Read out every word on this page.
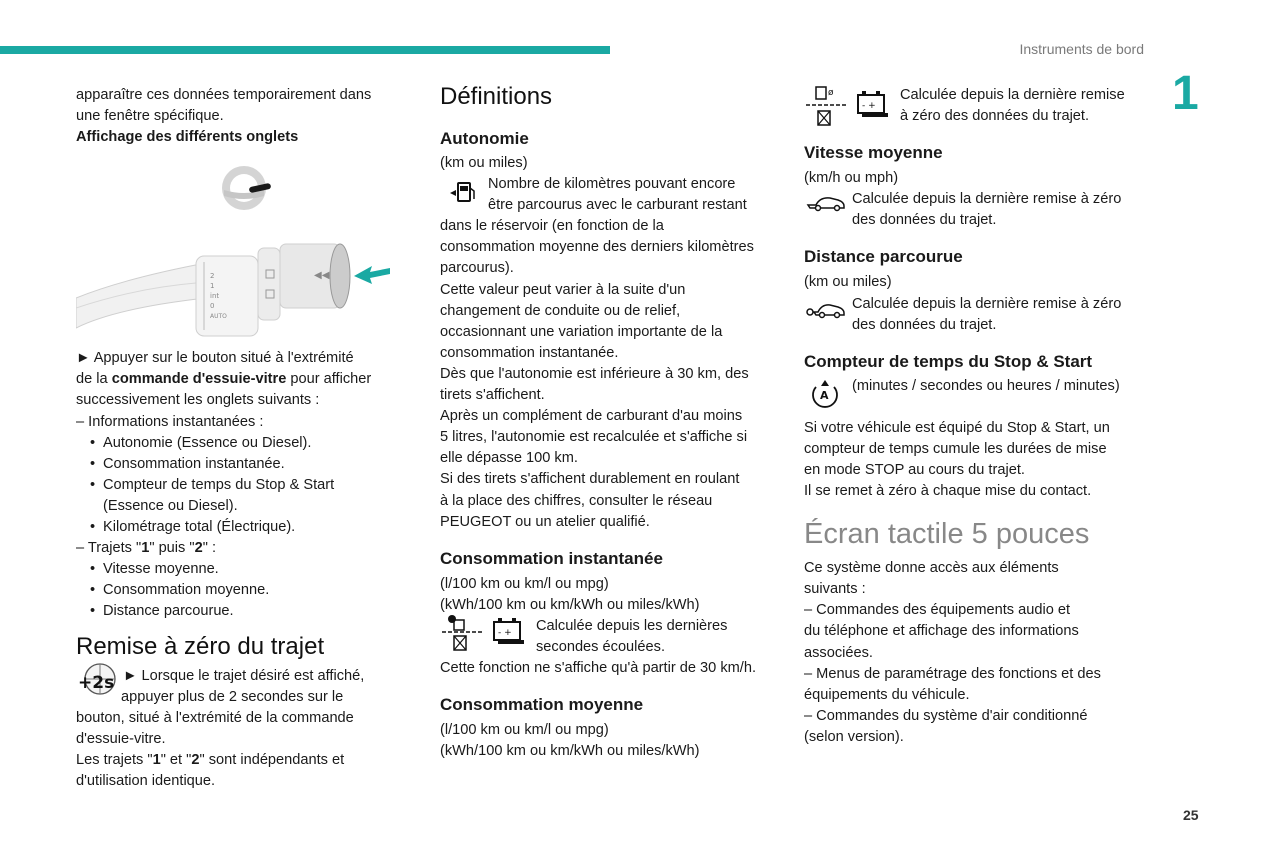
Instruments de bord
1
25

apparaître ces données temporairement dans

une fenêtre spécifique.

Affichage des différents onglets

2
1
int
0
AUTO
◀◀

► Appuyer sur le bouton situé à l'extrémité

de la commande d'essuie-vitre pour afficher

successivement les onglets suivants :

– Informations instantanées :

• Autonomie (Essence ou Diesel).

• Consommation instantanée.

• Compteur de temps du Stop & Start

(Essence ou Diesel).

• Kilométrage total (Électrique).

– Trajets "1" puis "2" :

• Vitesse moyenne.

• Consommation moyenne.

• Distance parcourue.

Remise à zéro du trajet
+2s ► Lorsque le trajet désiré est affiché,

appuyer plus de 2 secondes sur le

bouton, situé à l'extrémité de la commande

d'essuie-vitre.

Les trajets "1" et "2" sont indépendants et

d'utilisation identique.

Définitions
Autonomie

(km ou miles)

Nombre de kilomètres pouvant encore

être parcourus avec le carburant restant

dans le réservoir (en fonction de la

consommation moyenne des derniers kilomètres

parcourus).

Cette valeur peut varier à la suite d'un

changement de conduite ou de relief,

occasionnant une variation importante de la

consommation instantanée.

Dès que l'autonomie est inférieure à 30 km, des

tirets s'affichent.

Après un complément de carburant d'au moins

5 litres, l'autonomie est recalculée et s'affiche si

elle dépasse 100 km.

Si des tirets s'affichent durablement en roulant

à la place des chiffres, consulter le réseau

PEUGEOT ou un atelier qualifié.

Consommation instantanée

(l/100 km ou km/l ou mpg)

(kWh/100 km ou km/kWh ou miles/kWh)

- + Calculée depuis les dernières

secondes écoulées.

Cette fonction ne s'affiche qu'à partir de 30 km/h.

Consommation moyenne

(l/100 km ou km/l ou mpg)

(kWh/100 km ou km/kWh ou miles/kWh)

ø
- +

Calculée depuis la dernière remise

à zéro des données du trajet.

Vitesse moyenne

(km/h ou mph)

Calculée depuis la dernière remise à zéro

des données du trajet.

Distance parcourue

(km ou miles)

Calculée depuis la dernière remise à zéro

des données du trajet.

Compteur de temps du Stop & Start
A

(minutes / secondes ou heures / minutes)

Si votre véhicule est équipé du Stop & Start, un

compteur de temps cumule les durées de mise

en mode STOP au cours du trajet.

Il se remet à zéro à chaque mise du contact.

Écran tactile 5 pouces

Ce système donne accès aux éléments

suivants :

– Commandes des équipements audio et

du téléphone et affichage des informations

associées.

– Menus de paramétrage des fonctions et des

équipements du véhicule.

– Commandes du système d'air conditionné

(selon version).
